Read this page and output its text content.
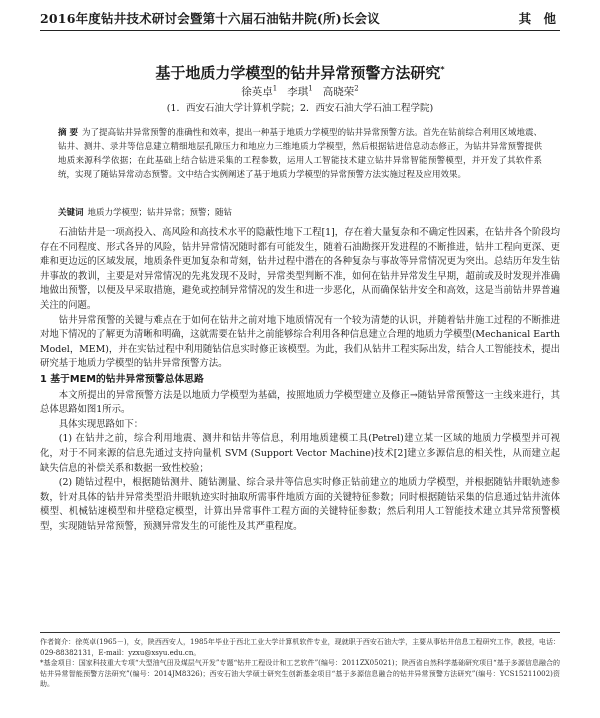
2016年度钻井技术研讨会暨第十六届石油钻井院(所)长会议	其 他
基于地质力学模型的钻井异常预警方法研究*
徐英卓$^1$ 李琪$^1$ 高晓荣$^2$
(1．西安石油大学计算机学院；2．西安石油大学石油工程学院)
摘 要 为了提高钻井异常预警的准确性和效率，提出一种基于地质力学模型的钻井异常预警方法。首先在钻前综合利用区域地震、钻井、测井、录井等信息建立精细地层孔隙压力和地应力三维地质力学模型，然后根据钻进信息动态修正，为钻井异常预警提供地质来源科学依据；在此基础上结合钻进采集的工程参数，运用人工智能技术建立钻井异常智能预警模型，并开发了其软件系统，实现了随钻异常动态预警。文中结合实例阐述了基于地质力学模型的异常预警方法实施过程及应用效果。
关键词 地质力学模型；钻井异常；预警；随钻

石油钻井是一项高投入、高风险和高技术水平的隐蔽性地下工程[1]，存在着大量复杂和不确定性因素，在钻井各个阶段均存在不同程度、形式各异的风险，钻井异常情况随时都有可能发生，随着石油勘探开发进程的不断推进，钻井工程向更深、更难和更边远的区域发展，地质条件更加复杂和苛刻，钻井过程中潜在的各种复杂与事故等异常情况更为突出。总结历年发生钻井事故的教训，主要是对异常情况的先兆发现不及时，异常类型判断不准，如何在钻井异常发生早期，超前或及时发现并准确地做出预警，以便及早采取措施，避免或控制异常情况的发生和进一步恶化，从而确保钻井安全和高效，这是当前钻井界普遍关注的问题。

钻井异常预警的关键与难点在于如何在钻井之前对地下地质情况有一个较为清楚的认识，并随着钻井施工过程的不断推进对地下情况的了解更为清晰和明确，这就需要在钻井之前能够综合利用各种信息建立合理的地质力学模型(Mechanical Earth Model，MEM)，并在实钻过程中利用随钻信息实时修正该模型。为此，我们从钻井工程实际出发，结合人工智能技术，提出研究基于地质力学模型的钻井异常预警方法。

1 基于MEM的钻井异常预警总体思路

本文所提出的异常预警方法是以地质力学模型为基础，按照地质力学模型建立及修正→随钻异常预警这一主线来进行，其总体思路如图1所示。

具体实现思路如下：

(1) 在钻井之前，综合利用地震、测井和钻井等信息，利用地质建模工具(Petrel)建立某一区域的地质力学模型并可视化，对于不同来源的信息先通过支持向量机 SVM (Support Vector Machine)技术[2]建立多源信息的相关性，从而建立起缺失信息的补偿关系和数据一致性校验；

(2) 随钻过程中，根据随钻测井、随钻测量、综合录井等信息实时修正钻前建立的地质力学模型，并根据随钻井眼轨迹参数，针对具体的钻井异常类型沿井眼轨迹实时抽取所需事件地质方面的关键特征参数；同时根据随钻采集的信息通过钻井流体模型、机械钻速模型和井壁稳定模型，计算出异常事件工程方面的关键特征参数；然后利用人工智能技术建立其异常预警模型，实现随钻异常预警，预测异常发生的可能性及其严重程度。

作者简介：徐英卓(1965－)，女，陕西西安人，1985年毕业于西北工业大学计算机软件专业，现就职于西安石油大学，主要从事钻井信息工程研究工作，教授，电话：029-88382131，E-mail：yzxu@xsyu.edu.cn。

*基金项目：国家科技重大专项“大型油气田及煤层气开发”专题“钻井工程设计和工艺软件”(编号：2011ZX05021)；陕西省自然科学基础研究项目“基于多源信息融合的钻井异常智能预警方法研究”(编号：2014JM8326)；西安石油大学硕士研究生创新基金项目“基于多源信息融合的钻井异常预警方法研究”(编号：YCS15211002)资助。
